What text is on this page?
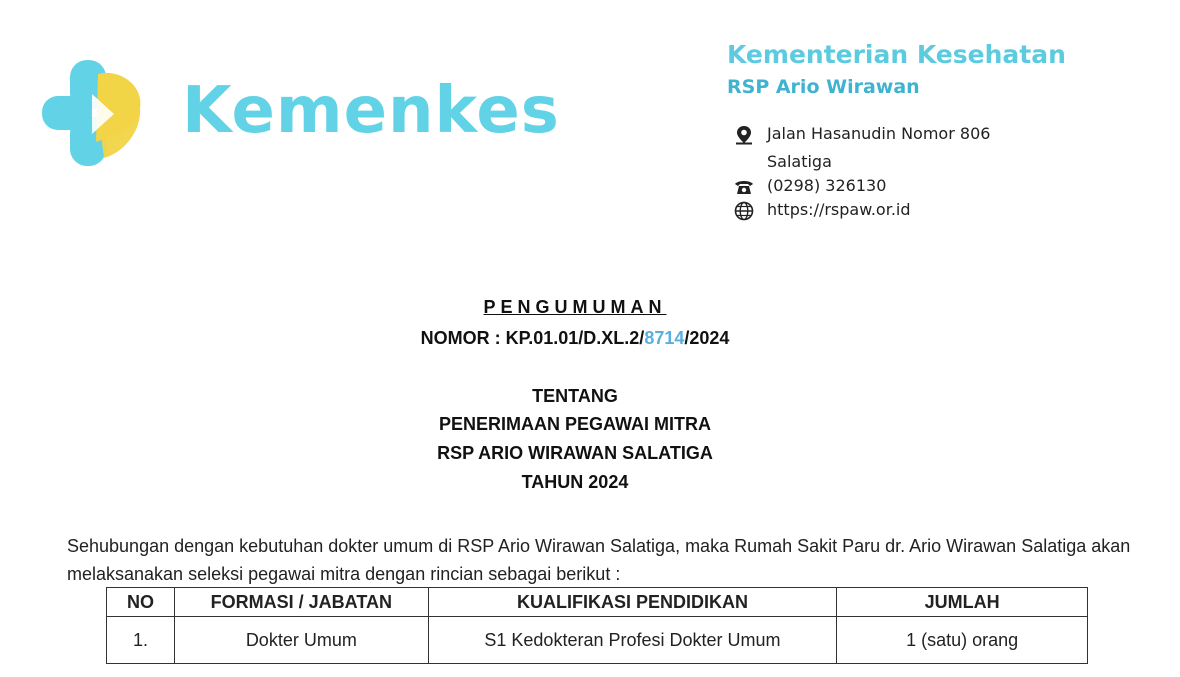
Kemenkes
Kementerian Kesehatan
RSP Ario Wirawan
Jalan Hasanudin Nomor 806
Salatiga
(0298) 326130
https://rspaw.or.id
PENGUMUMAN
NOMOR : KP.01.01/D.XL.2/8714/2024
TENTANG
PENERIMAAN PEGAWAI MITRA
RSP ARIO WIRAWAN SALATIGA
TAHUN 2024
Sehubungan dengan kebutuhan dokter umum di RSP Ario Wirawan Salatiga, maka Rumah Sakit Paru dr. Ario Wirawan Salatiga akan melaksanakan seleksi pegawai mitra dengan rincian sebagai berikut :
NO	FORMASI / JABATAN	KUALIFIKASI PENDIDIKAN	JUMLAH
1.	Dokter Umum	S1 Kedokteran Profesi Dokter Umum	1 (satu) orang
